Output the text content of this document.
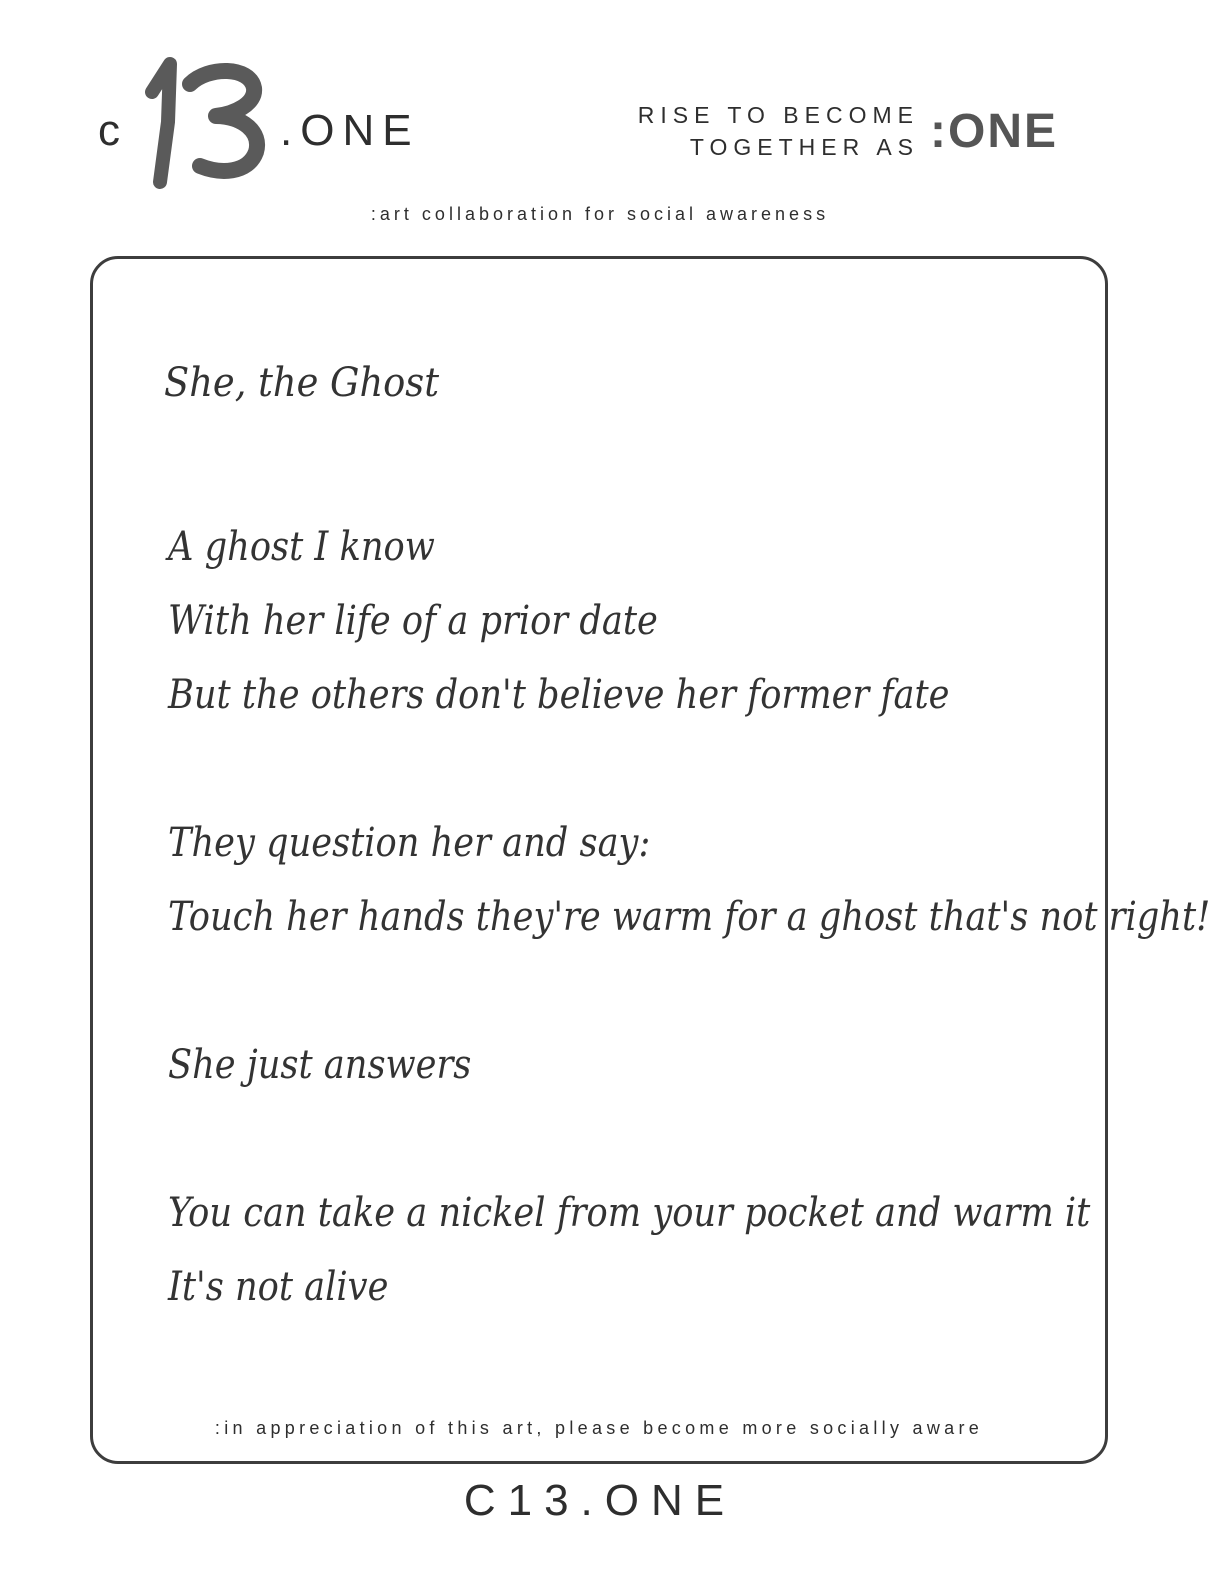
c
13
.ONE	RISE TO BECOME
TOGETHER AS :ONE
:art collaboration for social awareness
She, the Ghost
A ghost I know
With her life of a prior date
But the others don't believe her former fate
They question her and say:
Touch her hands they're warm for a ghost that's not right!
She just answers
You can take a nickel from your pocket and warm it
It's not alive
:in appreciation of this art, please become more socially aware
C13.ONE
